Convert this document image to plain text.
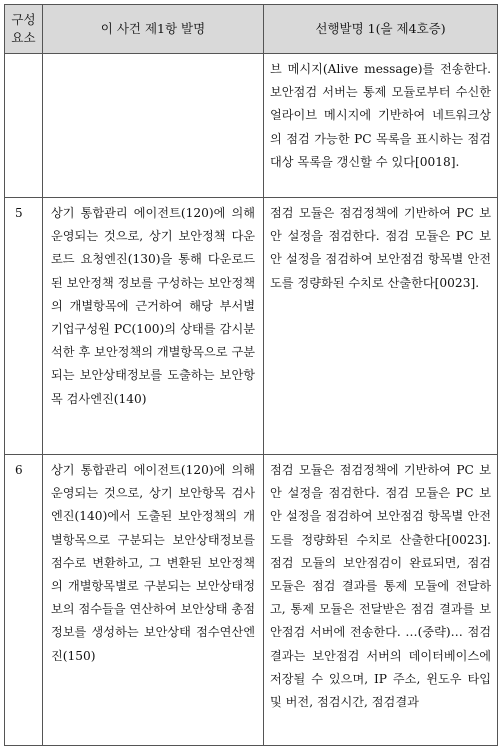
구성
요소	이 사건 제1항 발명	선행발명 1(을 제4호증)

		브 메시지(Alive message)를 전송한다. 보안점검 서버는 통제 모듈로부터 수신한 얼라이브 메시지에 기반하여 네트워크상의 점검 가능한 PC 목록을 표시하는 점검 대상 목록을 갱신할 수 있다[0018].

5	상기 통합관리 에이전트(120)에 의해 운영되는 것으로, 상기 보안정책 다운로드 요청엔진(130)을 통해 다운로드된 보안정책 정보를 구성하는 보안정책의 개별항목에 근거하여 해당 부서별 기업구성원 PC(100)의 상태를 감시분석한 후 보안정책의 개별항목으로 구분되는 보안상태정보를 도출하는 보안항목 검사엔진(140)	점검 모듈은 점검정책에 기반하여 PC 보안 설정을 점검한다. 점검 모듈은 PC 보안 설정을 점검하여 보안점검 항목별 안전도를 정량화된 수치로 산출한다[0023].

6	상기 통합관리 에이전트(120)에 의해 운영되는 것으로, 상기 보안항목 검사엔진(140)에서 도출된 보안정책의 개별항목으로 구분되는 보안상태정보를 점수로 변환하고, 그 변환된 보안정책의 개별항목별로 구분되는 보안상태정보의 점수들을 연산하여 보안상태 총점정보를 생성하는 보안상태 점수연산엔진(150)	점검 모듈은 점검정책에 기반하여 PC 보안 설정을 점검한다. 점검 모듈은 PC 보안 설정을 점검하여 보안점검 항목별 안전도를 정량화된 수치로 산출한다[0023]. 점검 모듈의 보안점검이 완료되면, 점검 모듈은 점검 결과를 통제 모듈에 전달하고, 통제 모듈은 전달받은 점검 결과를 보안점검 서버에 전송한다. …(중략)… 점검 결과는 보안점검 서버의 데이터베이스에 저장될 수 있으며, IP 주소, 윈도우 타입 및 버전, 점검시간, 점검결과
